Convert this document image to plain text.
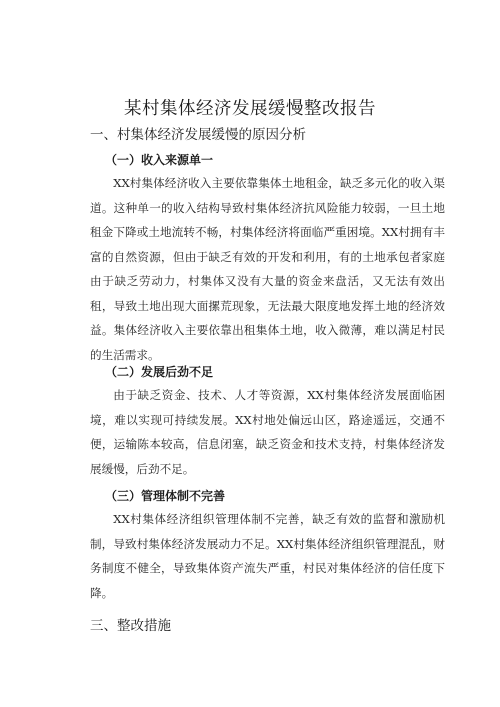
某村集体经济发展缓慢整改报告
一、村集体经济发展缓慢的原因分析
（一）收入来源单一
XX村集体经济收入主要依靠集体土地租金，缺乏多元化的收入渠道。这种单一的收入结构导致村集体经济抗风险能力较弱，一旦土地租金下降或土地流转不畅，村集体经济将面临严重困境。XX村拥有丰富的自然资源，但由于缺乏有效的开发和利用，有的土地承包者家庭由于缺乏劳动力，村集体又没有大量的资金来盘活，又无法有效出租，导致土地出现大面摞荒现象，无法最大限度地发挥土地的经济效益。集体经济收入主要依靠出租集体土地，收入微薄，难以满足村民的生活需求。
（二）发展后劲不足
由于缺乏资金、技术、人才等资源，XX村集体经济发展面临困境，难以实现可持续发展。XX村地处偏远山区，路途遥远，交通不便，运输陈本较高，信息闭塞，缺乏资金和技术支持，村集体经济发展缓慢，后劲不足。
（三）管理体制不完善
XX村集体经济组织管理体制不完善，缺乏有效的监督和激励机制，导致村集体经济发展动力不足。XX村集体经济组织管理混乱，财务制度不健全，导致集体资产流失严重，村民对集体经济的信任度下降。
三、整改措施
